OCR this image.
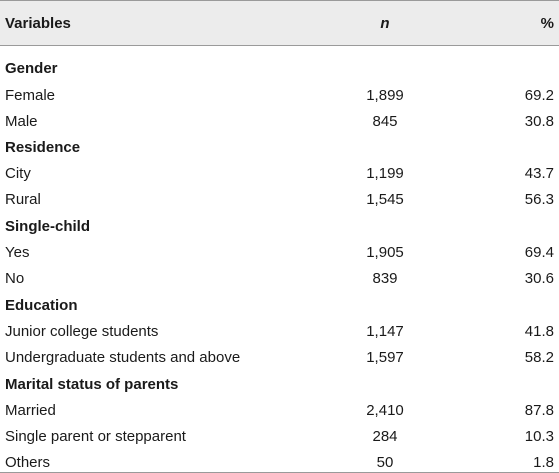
Variables	n	%
Gender
Female	1,899	69.2
Male	845	30.8
Residence
City	1,199	43.7
Rural	1,545	56.3
Single-child
Yes	1,905	69.4
No	839	30.6
Education
Junior college students	1,147	41.8
Undergraduate students and above	1,597	58.2
Marital status of parents
Married	2,410	87.8
Single parent or stepparent	284	10.3
Others	50	1.8
